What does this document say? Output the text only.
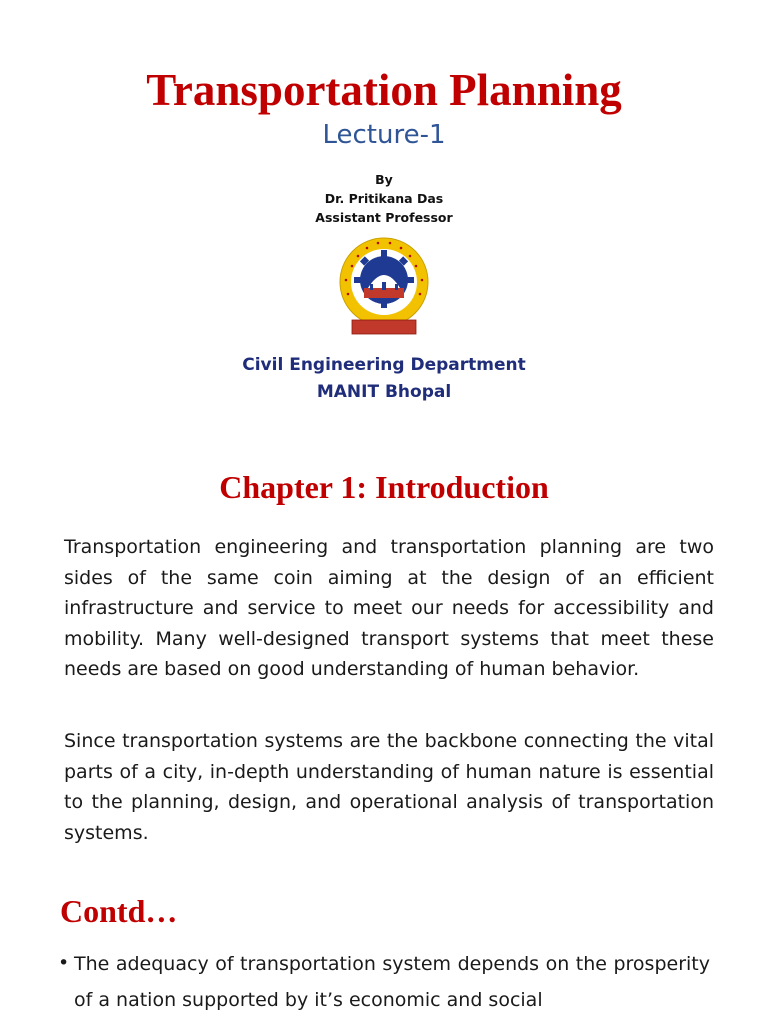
Transportation Planning
Lecture-1
By
Dr. Pritikana Das
Assistant Professor
Civil Engineering Department
MANIT Bhopal
Chapter 1: Introduction

Transportation engineering and transportation planning are two sides of the same coin aiming at the design of an efficient infrastructure and service to meet our needs for accessibility and mobility. Many well-designed transport systems that meet these needs are based on good understanding of human behavior.

Since transportation systems are the backbone connecting the vital parts of a city, in-depth understanding of human nature is essential to the planning, design, and operational analysis of transportation systems.

Contd…
• The adequacy of transportation system depends on the prosperity of a nation supported by it’s economic and social
